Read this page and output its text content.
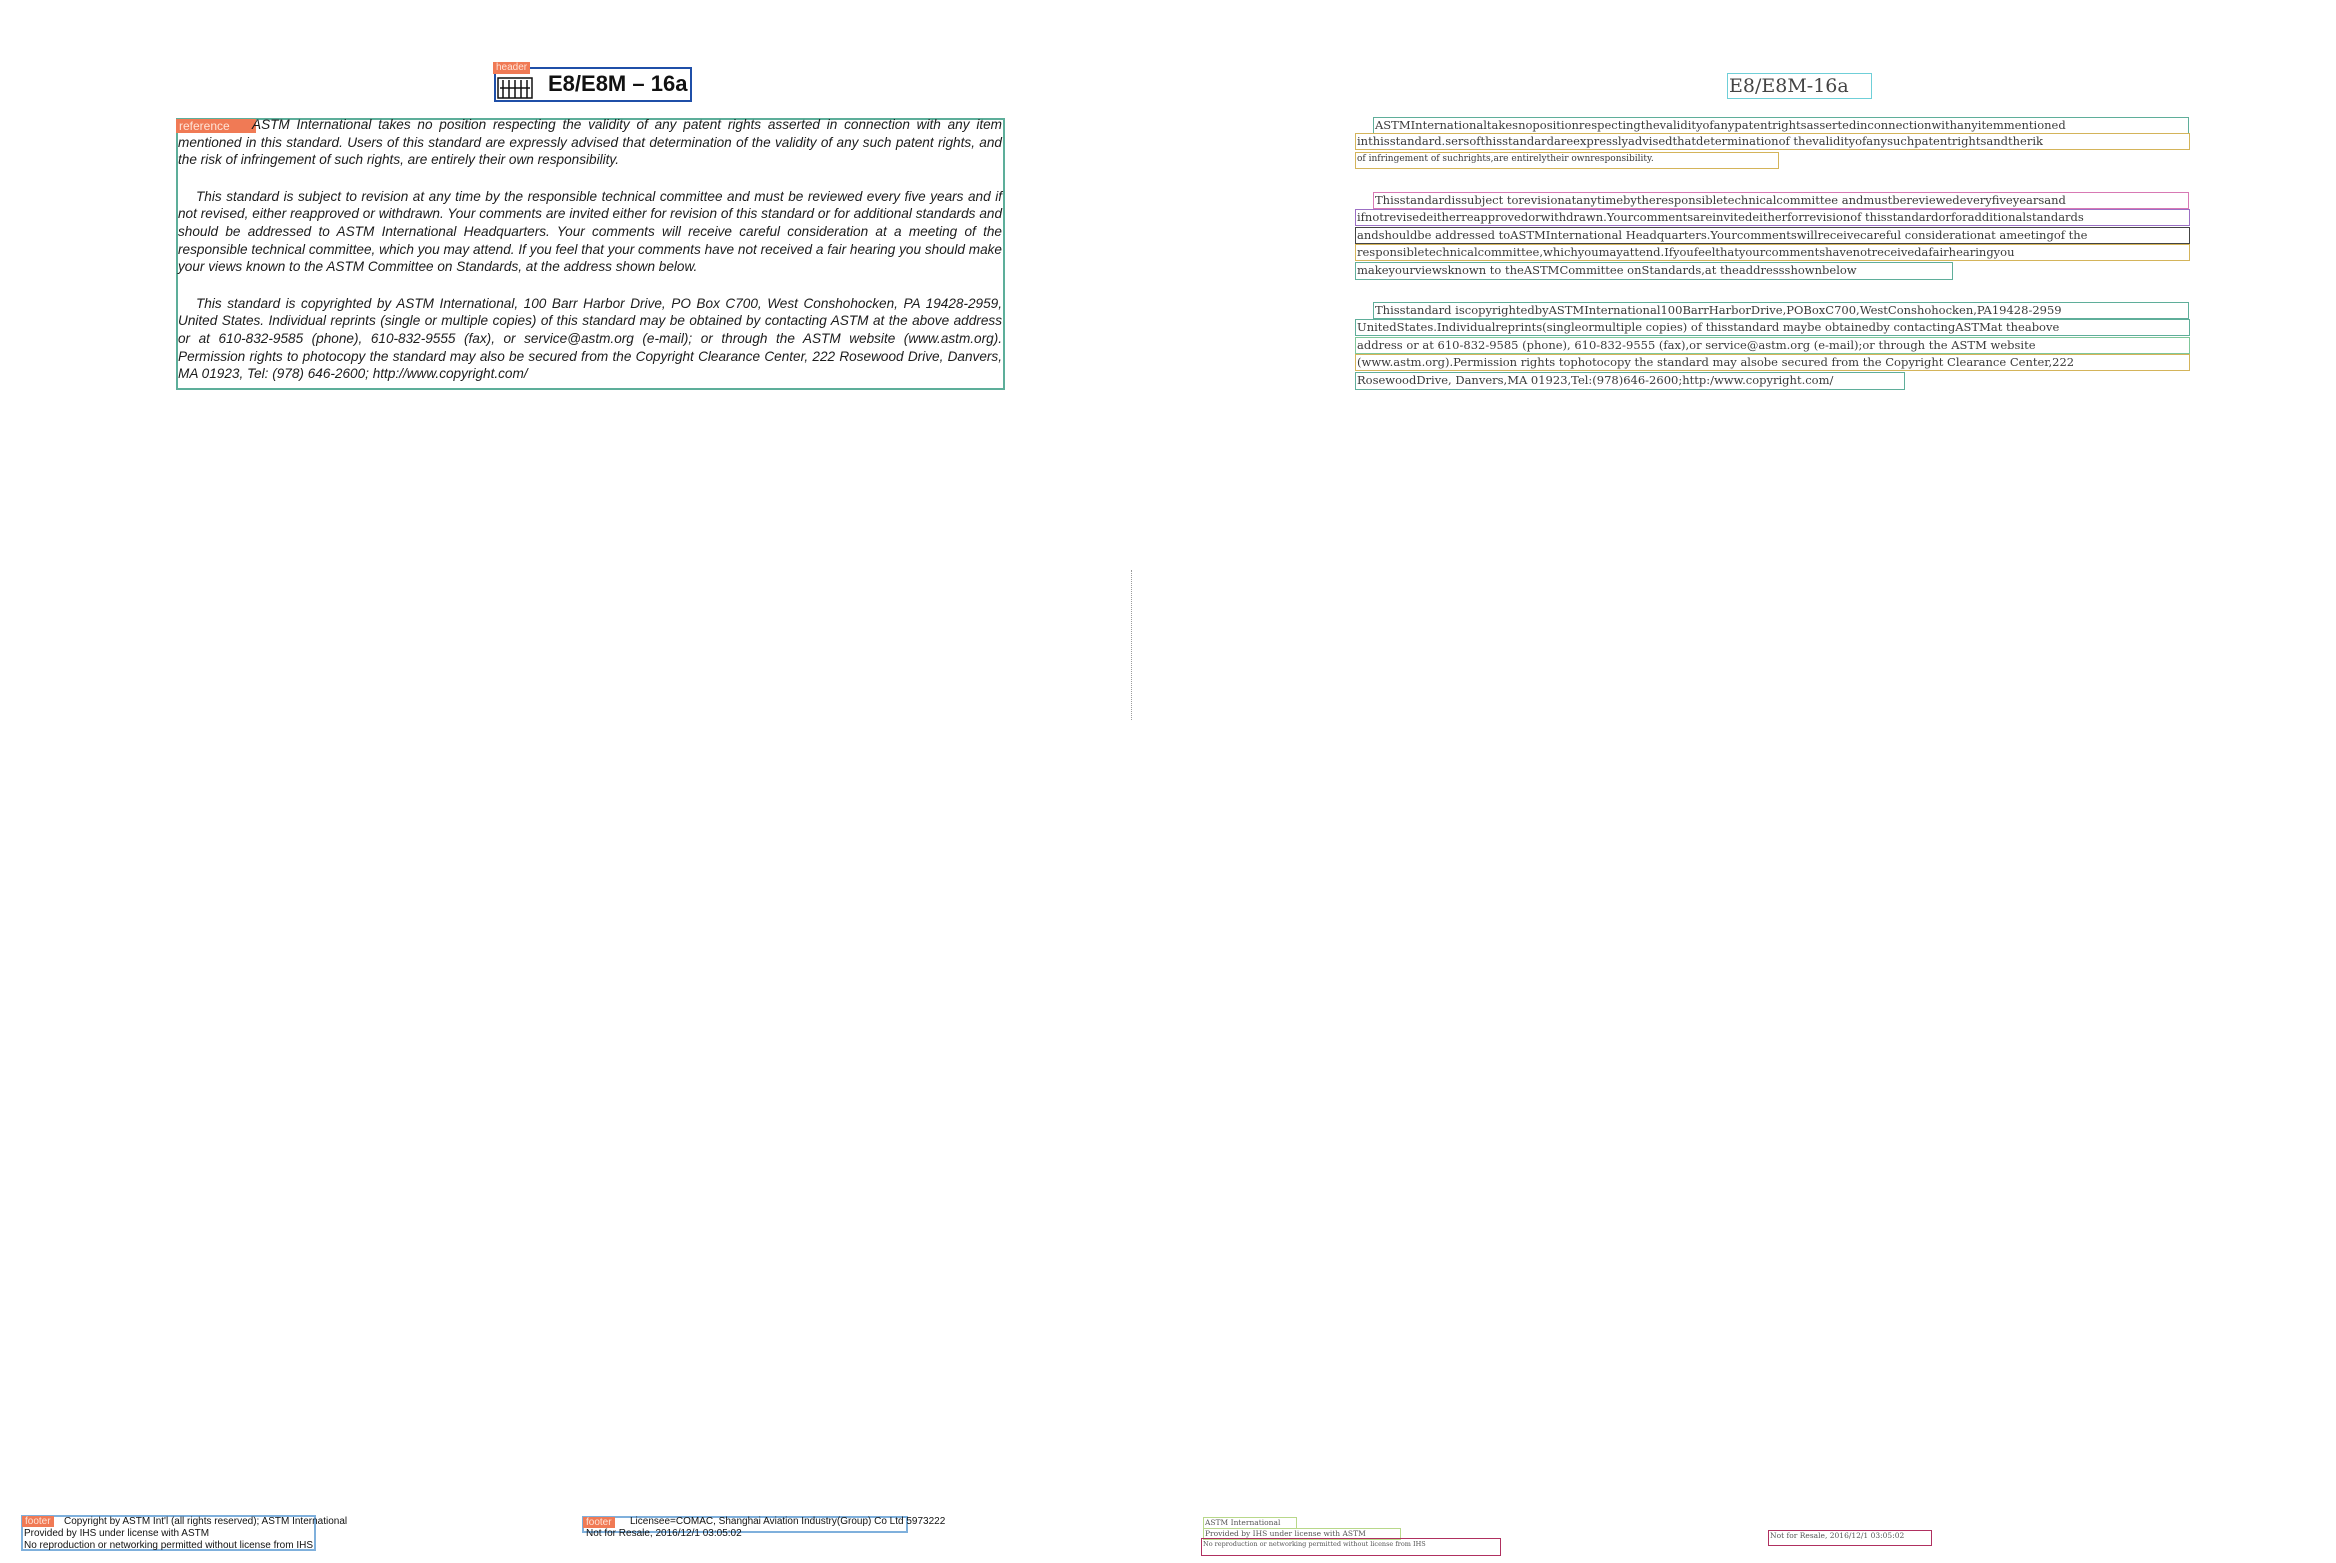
header
E8/E8M – 16a
reference	ASTM International takes no position respecting the validity of any patent rights asserted in connection with any item mentioned in this standard. Users of this standard are expressly advised that determination of the validity of any such patent rights, and the risk of infringement of such rights, are entirely their own responsibility.

This standard is subject to revision at any time by the responsible technical committee and must be reviewed every five years and if not revised, either reapproved or withdrawn. Your comments are invited either for revision of this standard or for additional standards and should be addressed to ASTM International Headquarters. Your comments will receive careful consideration at a meeting of the responsible technical committee, which you may attend. If you feel that your comments have not received a fair hearing you should make your views known to the ASTM Committee on Standards, at the address shown below.

This standard is copyrighted by ASTM International, 100 Barr Harbor Drive, PO Box C700, West Conshohocken, PA 19428-2959, United States. Individual reprints (single or multiple copies) of this standard may be obtained by contacting ASTM at the above address or at 610-832-9585 (phone), 610-832-9555 (fax), or service@astm.org (e-mail); or through the ASTM website (www.astm.org). Permission rights to photocopy the standard may also be secured from the Copyright Clearance Center, 222 Rosewood Drive, Danvers, MA 01923, Tel: (978) 646-2600; http://www.copyright.com/

footer	Copyright by ASTM Int'l (all rights reserved); ASTM International
Provided by IHS under license with ASTM
No reproduction or networking permitted without license from IHS
footer	Licensee=COMAC, Shanghai Aviation Industry(Group) Co Ltd 5973222
Not for Resale, 2016/12/1 03:05:02
E8/E8M-16a
ASTMInternationaltakesnopositionrespectingthevalidityofanypatentrightsassertedinconnectionwithanyitemmentioned
inthisstandard.sersofthisstandardareexpresslyadvisedthatdeterminationof thevalidityofanysuchpatentrightsandtherik
of infringement of suchrights,are entirelytheir ownresponsibility.
Thisstandardissubject torevisionatanytimebytheresponsibletechnicalcommittee andmustbereviewedeveryfiveyearsand
ifnotrevisedeitherreapprovedorwithdrawn.Yourcommentsareinvitedeitherforrevisionof thisstandardorforadditionalstandards
andshouldbe addressed toASTMInternational Headquarters.Yourcommentswillreceivecareful considerationat ameetingof the
responsibletechnicalcommittee,whichyoumayattend.Ifyoufeelthatyourcommentshavenotreceivedafairhearingyou
makeyourviewsknown to theASTMCommittee onStandards,at theaddressshownbelow
Thisstandard iscopyrightedbyASTMInternational100BarrHarborDrive,POBoxC700,WestConshohocken,PA19428-2959
UnitedStates.Individualreprints(singleormultiple copies) of thisstandard maybe obtainedby contactingASTMat theabove
address or at 610-832-9585 (phone), 610-832-9555 (fax),or service@astm.org (e-mail);or through the ASTM website
(www.astm.org).Permission rights tophotocopy the standard may alsobe secured from the Copyright Clearance Center,222
RosewoodDrive, Danvers,MA 01923,Tel:(978)646-2600;http:/www.copyright.com/
ASTM International
Provided by IHS under license with ASTM
No reproduction or networking permitted without license from IHS
Not for Resale, 2016/12/1 03:05:02
